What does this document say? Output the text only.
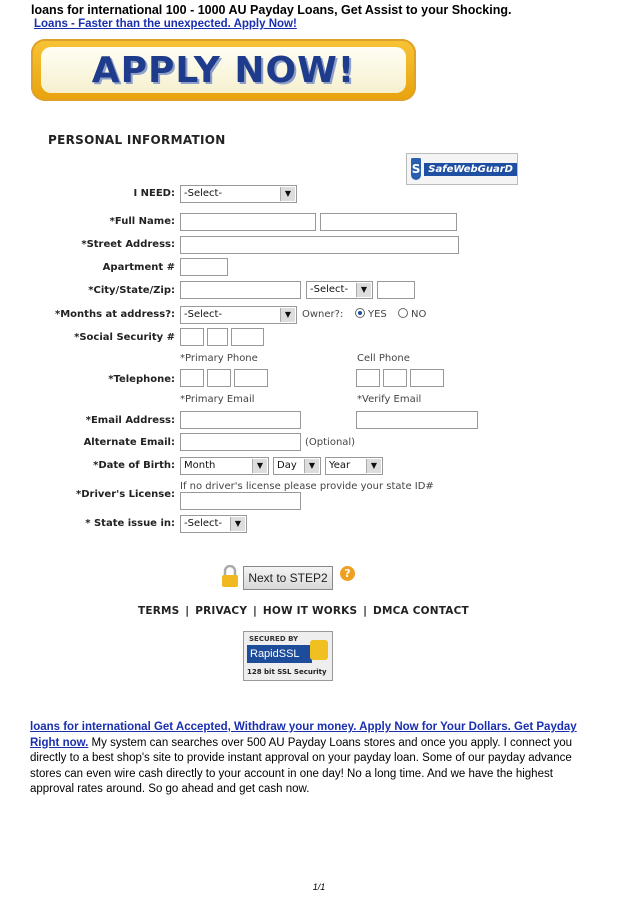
loans for international 100 - 1000 AU Payday Loans, Get Assist to your Shocking.
Loans - Faster than the unexpected. Apply Now!
APPLY NOW!
PERSONAL INFORMATION
S SafeWebGuarD
I NEED: -Select-	▼
*Full Name:
*Street Address:
Apartment #
*City/State/Zip:	-Select-	▼
*Months at address?: -Select-	▼	Owner?: YES NO
*Social Security #
*Primary Phone	Cell Phone
*Telephone:
*Primary Email	*Verify Email
*Email Address:
Alternate Email:	(Optional)
*Date of Birth: Month	▼	Day	▼	Year	▼
If no driver's license please provide your state ID#
*Driver's License:
* State issue in: -Select-	▼
Next to STEP2	?
TERMS | PRIVACY | HOW IT WORKS | DMCA CONTACT
SECURED BY
RapidSSL
128 bit SSL Security
loans for international Get Accepted, Withdraw your money. Apply Now for Your Dollars. Get Payday Right now. My system can searches over 500 AU Payday Loans stores and once you apply. I connect you directly to a best shop's site to provide instant approval on your payday loan. Some of our payday advance stores can even wire cash directly to your account in one day! No a long time. And we have the highest approval rates around. So go ahead and get cash now.
1/1
